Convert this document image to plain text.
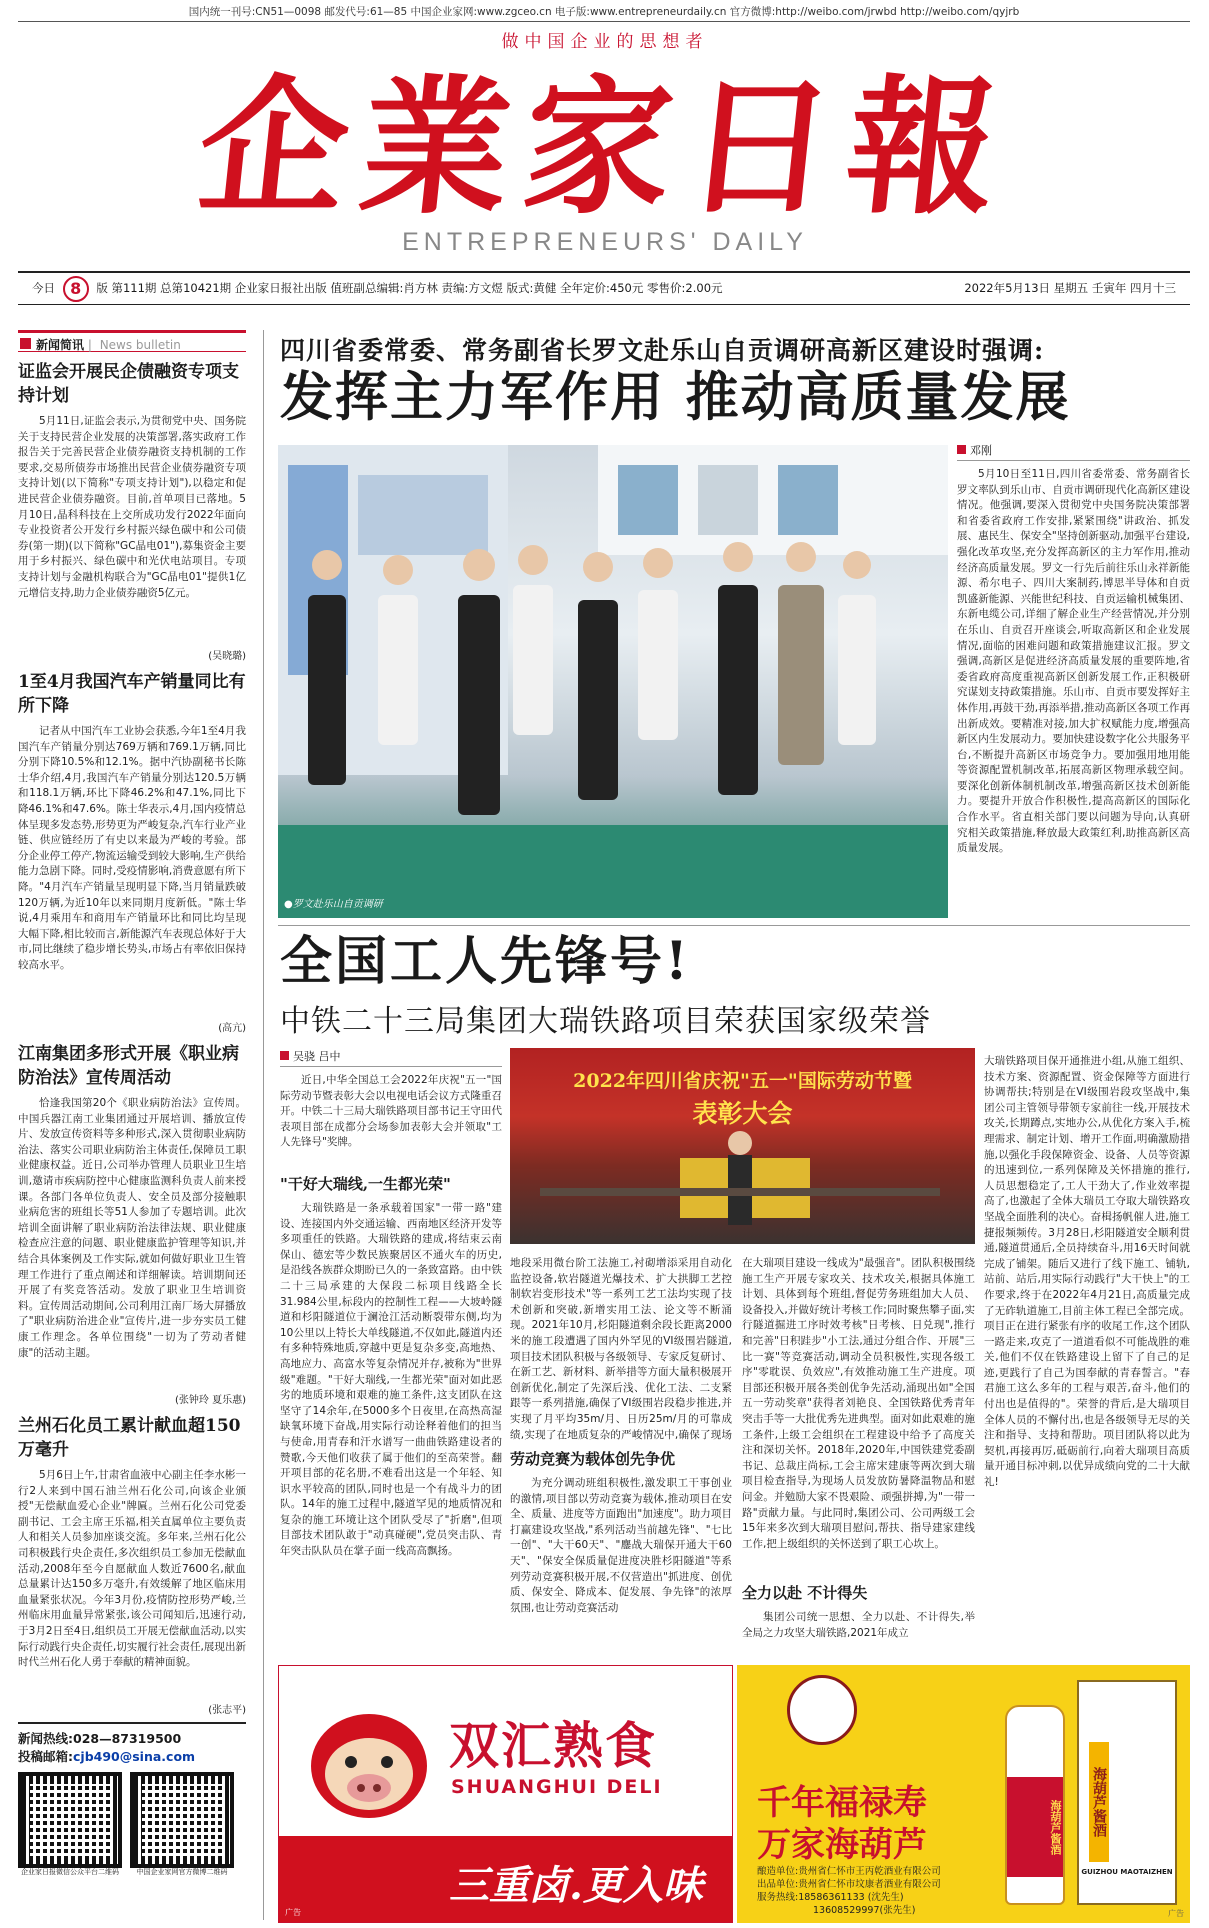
国内统一刊号:CN51—0098 邮发代号:61—85 中国企业家网:www.zgceo.cn 电子版:www.entrepreneurdaily.cn 官方微博:http://weibo.com/jrwbd http://weibo.com/qyjrb
做中国企业的思想者
企業家日報
ENTREPRENEURS' DAILY
今日 8 版 第111期 总第10421期 企业家日报社出版 值班副总编辑:肖方林 责编:方文煜 版式:黄健 全年定价:450元 零售价:2.00元	2022年5月13日 星期五 壬寅年 四月十三
新闻简讯 | News bulletin
证监会开展民企债融资专项支持计划
5月11日,证监会表示,为贯彻党中央、国务院关于支持民营企业发展的决策部署,落实政府工作报告关于完善民营企业债券融资支持机制的工作要求,交易所债券市场推出民营企业债券融资专项支持计划(以下简称"专项支持计划"),以稳定和促进民营企业债券融资。目前,首单项目已落地。5月10日,晶科科技在上交所成功发行2022年面向专业投资者公开发行乡村振兴绿色碳中和公司债券(第一期)(以下简称"GC晶电01"),募集资金主要用于乡村振兴、绿色碳中和光伏电站项目。专项支持计划与金融机构联合为"GC晶电01"提供1亿元增信支持,助力企业债券融资5亿元。
(吴晓璐)
1至4月我国汽车产销量同比有所下降
记者从中国汽车工业协会获悉,今年1至4月我国汽车产销量分别达769万辆和769.1万辆,同比分别下降10.5%和12.1%。据中汽协副秘书长陈士华介绍,4月,我国汽车产销量分别达120.5万辆和118.1万辆,环比下降46.2%和47.1%,同比下降46.1%和47.6%。陈士华表示,4月,国内疫情总体呈现多发态势,形势更为严峻复杂,汽车行业产业链、供应链经历了有史以来最为严峻的考验。部分企业停工停产,物流运输受到较大影响,生产供给能力急剧下降。同时,受疫情影响,消费意愿有所下降。"4月汽车产销量呈现明显下降,当月销量跌破120万辆,为近10年以来同期月度新低。"陈士华说,4月乘用车和商用车产销量环比和同比均呈现大幅下降,相比较而言,新能源汽车表现总体好于大市,同比继续了稳步增长势头,市场占有率依旧保持较高水平。
(高亢)
江南集团多形式开展《职业病防治法》宣传周活动
恰逢我国第20个《职业病防治法》宣传周。中国兵器江南工业集团通过开展培训、播放宣传片、发放宣传资料等多种形式,深入贯彻职业病防治法、落实公司职业病防治主体责任,保障员工职业健康权益。近日,公司举办管理人员职业卫生培训,邀请市疾病防控中心健康监测科负责人前来授课。各部门各单位负责人、安全员及部分接触职业病危害的班组长等51人参加了专题培训。此次培训全面讲解了职业病防治法律法规、职业健康检查应注意的问题、职业健康监护管理等知识,并结合具体案例及工作实际,就如何做好职业卫生管理工作进行了重点阐述和详细解读。培训期间还开展了有奖竞答活动。发放了职业卫生培训资料。宣传周活动期间,公司利用江南厂场大屏播放了"职业病防治进企业"宣传片,进一步夯实员工健康工作理念。各单位围绕"一切为了劳动者健康"的活动主题。
(张钟玲 夏乐惠)
兰州石化员工累计献血超150万毫升
5月6日上午,甘肃省血液中心副主任李水彬一行2人来到中国石油兰州石化公司,向该企业颁授"无偿献血爱心企业"牌匾。兰州石化公司党委副书记、工会主席王乐福,相关直属单位主要负责人和相关人员参加座谈交流。多年来,兰州石化公司积极践行央企责任,多次组织员工参加无偿献血活动,2008年至今自愿献血人数近7600名,献血总量累计达150多万毫升,有效缓解了地区临床用血量紧张状况。今年3月份,疫情防控形势严峻,兰州临床用血量异常紧张,该公司闻知后,迅速行动,于3月2日至4日,组织员工开展无偿献血活动,以实际行动践行央企责任,切实履行社会责任,展现出新时代兰州石化人勇于奉献的精神面貌。
(张志平)
新闻热线:028—87319500
投稿邮箱:cjb490@sina.com
企业家日报微信公众平台二维码	中国企业家网官方微博二维码
四川省委常委、常务副省长罗文赴乐山自贡调研高新区建设时强调:
发挥主力军作用 推动高质量发展
●罗文赴乐山自贡调研
邓刚
5月10日至11日,四川省委常委、常务副省长罗文率队到乐山市、自贡市调研现代化高新区建设情况。他强调,要深入贯彻党中央国务院决策部署和省委省政府工作安排,紧紧围绕"讲政治、抓发展、惠民生、保安全"坚持创新驱动,加强平台建设,强化改革攻坚,充分发挥高新区的主力军作用,推动经济高质量发展。罗文一行先后前往乐山永祥新能源、希尔电子、四川大案制药,博思半导体和自贡凯盛新能源、兴能世纪科技、自贡运输机械集团、东新电缆公司,详细了解企业生产经营情况,并分别在乐山、自贡召开座谈会,听取高新区和企业发展情况,面临的困难问题和政策措施建议汇报。罗文强调,高新区是促进经济高质量发展的重要阵地,省委省政府高度重视高新区创新发展工作,正积极研究谋划支持政策措施。乐山市、自贡市要发挥好主体作用,再鼓干劲,再添举措,推动高新区各项工作再出新成效。要精准对接,加大扩权赋能力度,增强高新区内生发展动力。要加快建设数字化公共服务平台,不断提升高新区市场竞争力。要加强用地用能等资源配置机制改革,拓展高新区物理承载空间。要深化创新体制机制改革,增强高新区技术创新能力。要提升开放合作积极性,提高高新区的国际化合作水平。省直相关部门要以问题为导向,认真研究相关政策措施,释放最大政策红利,助推高新区高质量发展。
全国工人先锋号!
中铁二十三局集团大瑞铁路项目荣获国家级荣誉
吴骁 吕中
近日,中华全国总工会2022年庆祝"五一"国际劳动节暨表彰大会以电视电话会议方式隆重召开。中铁二十三局大瑞铁路项目部书记王守田代表项目部在成都分会场参加表彰大会并领取"工人先锋号"奖牌。
"干好大瑞线,一生都光荣"
大瑞铁路是一条承载着国家"一带一路"建设、连接国内外交通运输、西南地区经济开发等多项重任的铁路。大瑞铁路的建成,将结束云南保山、德宏等少数民族聚居区不通火车的历史,是沿线各族群众期盼已久的一条致富路。由中铁二十三局承建的大保段二标项目线路全长31.984公里,标段内的控制性工程——大坡岭隧道和杉阳隧道位于澜沧江活动断裂带东侧,均为10公里以上特长大单线隧道,不仅如此,隧道内还有多种特殊地质,穿越中更是复杂多变,高地热、高地应力、高富水等复杂情况并存,被称为"世界级"难题。"干好大瑞线,一生都光荣"面对如此恶劣的地质环境和艰难的施工条件,这支团队在这坚守了14余年,在5000多个日夜里,在高热高湿缺氧环境下奋战,用实际行动诠释着他们的担当与使命,用青春和汗水谱写一曲曲铁路建设者的赞歌,今天他们收获了属于他们的至高荣誉。翻开项目部的花名册,不难看出这是一个年轻、知识水平较高的团队,同时也是一个有战斗力的团队。14年的施工过程中,隧道罕见的地质情况和复杂的施工环境让这个团队受尽了"折磨",但项目部技术团队敢于"动真碰硬",党员突击队、青年突击队队员在掌子面一线高高飘扬。
2022年四川省庆祝"五一"国际劳动节暨
表彰大会
地段采用微台阶工法施工,衬砌增添采用自动化监控设备,软岩隧道光爆技术、扩大拱脚工艺控制软岩变形技术"等一系列工艺工法均实现了技术创新和突破,新增实用工法、论文等不断涌现。2021年10月,杉阳隧道剩余段长距离2000米的施工段遭遇了国内外罕见的VI级围岩隧道,项目技术团队积极与各级领导、专家反复研讨、在新工艺、新材料、新举措等方面大量积极展开创新优化,制定了先深后浅、优化工法、二支紧跟等一系列措施,确保了VI级围岩段稳步推进,并实现了月平均35m/月、日历25m/月的可靠成绩,实现了在地质复杂的严峻情况中,确保了现场
劳动竞赛为载体创先争优
为充分调动班组积极性,激发职工干事创业的激情,项目部以劳动竞赛为载体,推动项目在安全、质量、进度等方面跑出"加速度"。助力项目打赢建设攻坚战,"系列活动当前越先锋"、"七比一创"、"大干60天"、"鏖战大瑞保开通大干60天"、"保安全保质量促进度决胜杉阳隧道"等系列劳动竞赛积极开展,不仅营造出"抓进度、创优质、保安全、降成本、促发展、争先锋"的浓厚氛围,也让劳动竞赛活动
在大瑞项目建设一线成为"最强音"。团队积极围绕施工生产开展专家攻关、技术攻关,根据具体施工计划、具体到每个班组,督促劳务班组加大人员、设备投入,并做好统计考核工作;同时聚焦攀子面,实行隧道掘进工序时效考核"日考核、日兑现",推行和完善"日积跬步"小工法,通过分组合作、开展"三比一赛"等竞赛活动,调动全员积极性,实现各级工序"零耽误、负效应",有效推动施工生产进度。项目部还积极开展各类创优争先活动,涌现出如"全国五一劳动奖章"获得者刘艳良、全国铁路优秀青年突击手等一大批优秀先进典型。面对如此艰难的施工条件,上级工会组织在工程建设中给予了高度关注和深切关怀。2018年,2020年,中国铁建党委副书记、总裁庄尚标,工会主席宋建康等两次到大瑞项目检查指导,为现场人员发放防暑降温物品和慰问金。并勉励大家不畏艰险、顽强拼搏,为"一带一路"贡献力量。与此同时,集团公司、公司两级工会15年来多次到大瑞项目慰问,帮扶、指导建家建线工作,把上级组织的关怀送到了职工心坎上。
全力以赴 不计得失
集团公司统一思想、全力以赴、不计得失,举全局之力攻坚大瑞铁路,2021年成立
大瑞铁路项目保开通推进小组,从施工组织、技术方案、资源配置、资金保障等方面进行协调帮扶;特别是在VI级围岩段攻坚战中,集团公司主管领导带领专家前往一线,开展技术攻关,长期蹲点,实地办公,从优化方案入手,梳理需求、制定计划、增开工作面,明确激励措施,以强化手段保障资金、设备、人员等资源的迅速到位,一系列保障及关怀措施的推行,人员思想稳定了,工人干劲大了,作业效率提高了,也激起了全体大瑞员工夺取大瑞铁路攻坚战全面胜利的决心。奋楫扬帆催人进,施工捷报频频传。3月28日,杉阳隧道安全顺利贯通,隧道贯通后,全员持续奋斗,用16天时间就完成了铺架。随后又进行了线下施工、铺轨,站前、站后,用实际行动践行"大干快上"的工作要求,终于在2022年4月21日,高质量完成了无砟轨道施工,目前主体工程已全部完成。项目正在进行紧张有序的收尾工作,这个团队一路走来,攻克了一道道看似不可能战胜的难关,他们不仅在铁路建设上留下了自己的足迹,更践行了自己为国奉献的青春誓言。"春君施工这么多年的工程与艰苦,奋斗,他们的付出也是值得的"。荣誉的背后,是大瑞项目全体人员的不懈付出,也是各级领导无尽的关注和指导、支持和帮助。项目团队将以此为契机,再接再厉,砥砺前行,向着大瑞项目高质量开通目标冲刺,以优异成绩向党的二十大献礼!
双汇熟食
SHUANGHUI DELI
三重卤.更入味
广告
千年福禄寿
万家海葫芦
酿造单位:贵州省仁怀市王丙乾酒业有限公司
出品单位:贵州省仁怀市坟康者酒业有限公司
服务热线:18586361133 (沈先生)
13608529997(张先生)
海葫芦酱酒 海葫芦酱酒
GUIZHOU MAOTAIZHEN
广告
